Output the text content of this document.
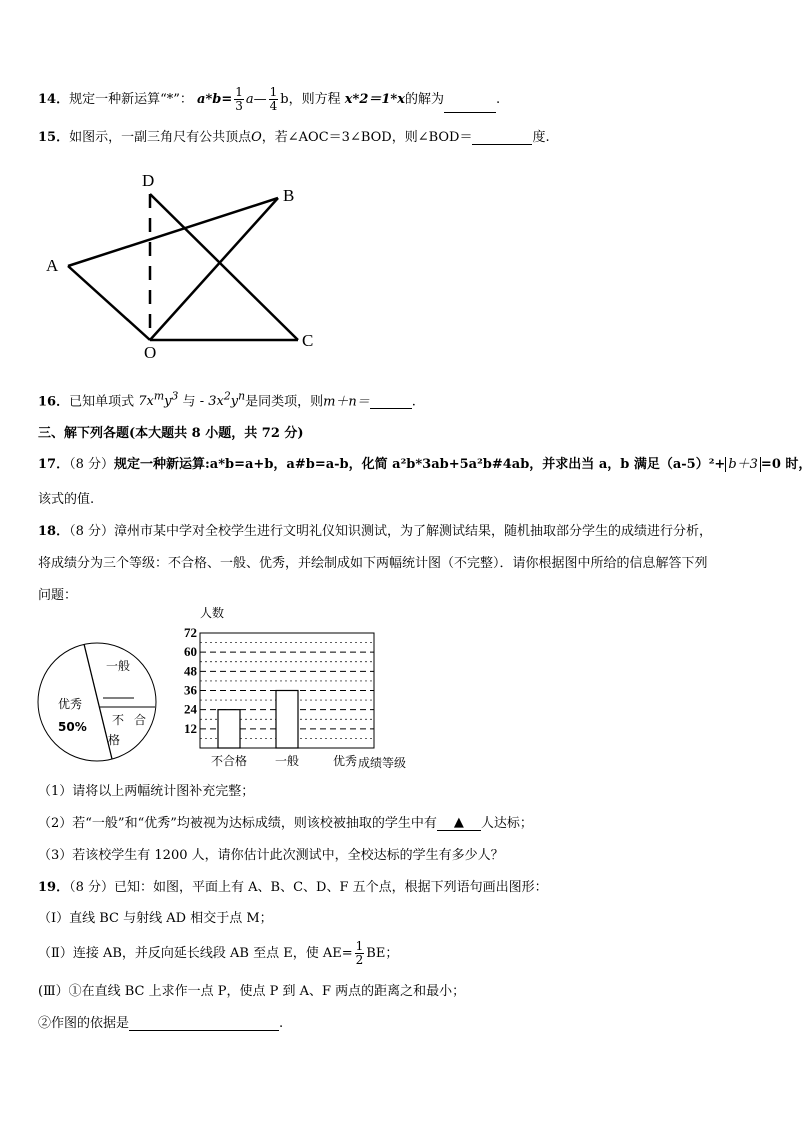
14．规定一种新运算“*”： $a*b= \frac{1}{3}$ a— $\frac{1}{4}$ b，则方程 x*2＝1*x的解为	.
15．如图示，一副三角尺有公共顶点O，若∠AOC＝3∠BOD，则∠BOD＝	度.
D
B
A
O
C
16．已知单项式 $7x^my^3$ 与 - $3x^2y^n$是同类项，则m＋n＝	.
三、解下列各题(本大题共 8 小题，共 72 分)
17．（8 分）规定一种新运算:a*b=a+b，a#b=a-b，化简 a²b*3ab+5a²b#4ab，并求出当 a，b 满足（a-5）²+ b＋3 =0 时，
该式的值.
18．（8 分）漳州市某中学对全校学生进行文明礼仪知识测试，为了解测试结果，随机抽取部分学生的成绩进行分析，
将成绩分为三个等级：不合格、一般、优秀，并绘制成如下两幅统计图（不完整）．请你根据图中所给的信息解答下列
问题：
一般
优秀
50% 不 合
格
人数
12
24
36
48
60
72
不合格 一般	优秀 成绩等级
（1）请将以上两幅统计图补充完整；
（2）若“一般”和“优秀”均被视为达标成绩，则该校被抽取的学生中有 ▲ 人达标；
（3）若该校学生有 1200 人，请你估计此次测试中，全校达标的学生有多少人？
19．（8 分）已知：如图，平面上有 A、B、C、D、F 五个点，根据下列语句画出图形：
（Ⅰ）直线 BC 与射线 AD 相交于点 M；
（Ⅱ）连接 AB，并反向延长线段 AB 至点 E，使 $AE= \frac{1}{2}$ BE；
(Ⅲ）①在直线 BC 上求作一点 P，使点 P 到 A、F 两点的距离之和最小；
②作图的依据是	.
